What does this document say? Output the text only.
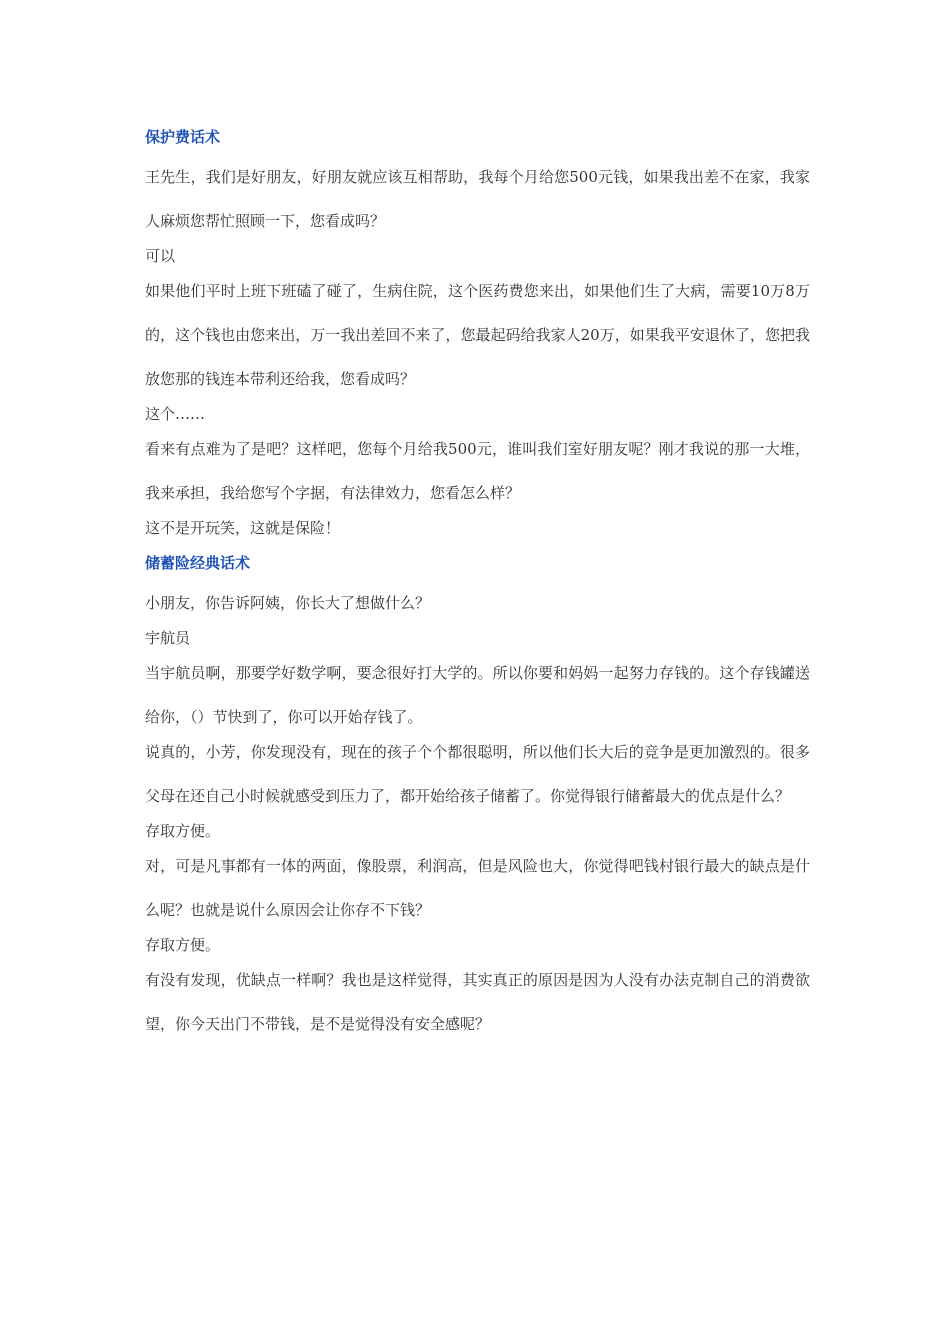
保护费话术

王先生，我们是好朋友，好朋友就应该互相帮助，我每个月给您500元钱，如果我出差不在家，我家人麻烦您帮忙照顾一下，您看成吗？

可以

如果他们平时上班下班磕了碰了，生病住院，这个医药费您来出，如果他们生了大病，需要10万8万的，这个钱也由您来出，万一我出差回不来了，您最起码给我家人20万，如果我平安退休了，您把我放您那的钱连本带利还给我，您看成吗？

这个……

看来有点难为了是吧？这样吧，您每个月给我500元，谁叫我们室好朋友呢？刚才我说的那一大堆，我来承担，我给您写个字据，有法律效力，您看怎么样？

这不是开玩笑，这就是保险！

储蓄险经典话术

小朋友，你告诉阿姨，你长大了想做什么？

宇航员

当宇航员啊，那要学好数学啊，要念很好打大学的。所以你要和妈妈一起努力存钱的。这个存钱罐送给你，（）节快到了，你可以开始存钱了。

说真的，小芳，你发现没有，现在的孩子个个都很聪明，所以他们长大后的竞争是更加激烈的。很多父母在还自己小时候就感受到压力了，都开始给孩子储蓄了。你觉得银行储蓄最大的优点是什么？

存取方便。

对，可是凡事都有一体的两面，像股票，利润高，但是风险也大，你觉得吧钱村银行最大的缺点是什么呢？也就是说什么原因会让你存不下钱？

存取方便。

有没有发现，优缺点一样啊？我也是这样觉得，其实真正的原因是因为人没有办法克制自己的消费欲望，你今天出门不带钱，是不是觉得没有安全感呢？
